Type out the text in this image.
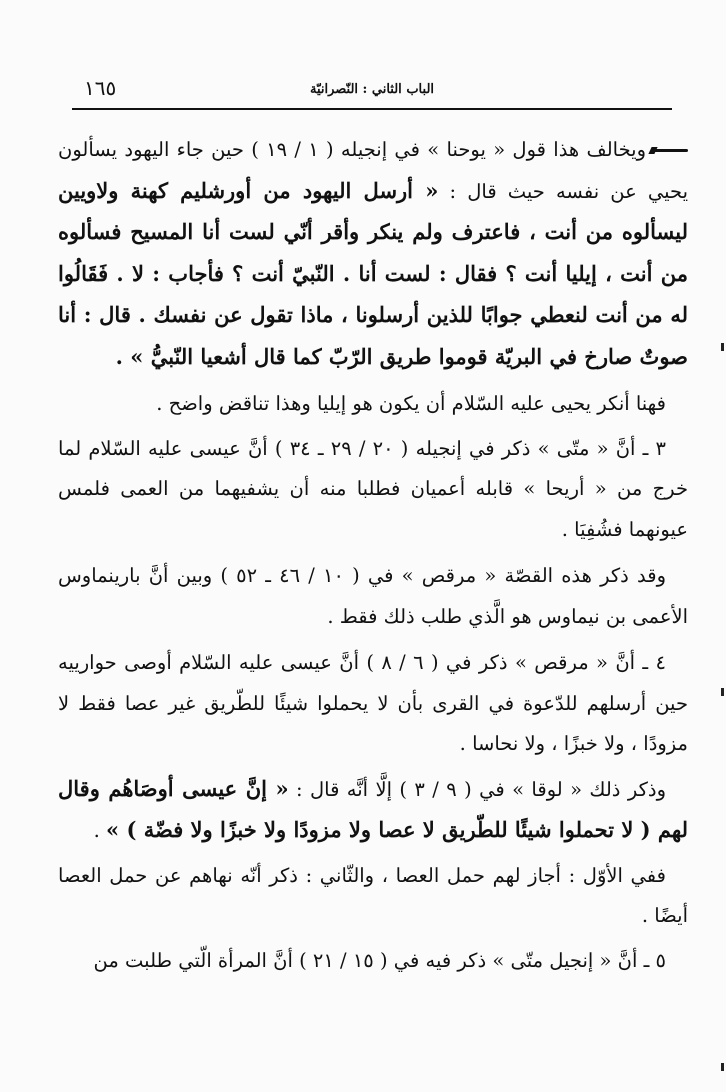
١٦٥	الباب الثاني : النّصرانيّة

ويخالف هذا قول « يوحنا » في إنجيله ( ١ / ١٩ ) حين جاء اليهود يسألون يحيي عن نفسه حيث قال : « أرسل اليهود من أورشليم كهنة ولاويين ليسألوه من أنت ، فاعترف ولم ينكر وأقر أنّي لست أنا المسيح فسألوه من أنت ، إيليا أنت ؟ فقال : لست أنا . النّبيّ أنت ؟ فأجاب : لا . فَقَالُوا له من أنت لنعطي جوابًا للذين أرسلونا ، ماذا تقول عن نفسك . قال : أنا صوتٌ صارخ في البريّة قوموا طريق الرّبّ كما قال أشعيا النّبيُّ » .

فهنا أنكر يحيى عليه السّلام أن يكون هو إيليا وهذا تناقض واضح .

٣ ـ أنَّ « متّى » ذكر في إنجيله ( ٢٠ / ٢٩ ـ ٣٤ ) أنَّ عيسى عليه السّلام لما خرج من « أريحا » قابله أعميان فطلبا منه أن يشفيهما من العمى فلمس عيونهما فشُفِيَا .

وقد ذكر هذه القصّة « مرقص » في ( ١٠ / ٤٦ ـ ٥٢ ) وبين أنَّ بارينماوس الأعمى بن نيماوس هو الَّذي طلب ذلك فقط .

٤ ـ أنَّ « مرقص » ذكر في ( ٦ / ٨ ) أنَّ عيسى عليه السّلام أوصى حوارييه حين أرسلهم للدّعوة في القرى بأن لا يحملوا شيئًا للطّريق غير عصا فقط لا مزودًا ، ولا خبزًا ، ولا نحاسا .

وذكر ذلك « لوقا » في ( ٩ / ٣ ) إلَّا أنَّه قال : « إنَّ عيسى أوصَاهُم وقال لهم ( لا تحملوا شيئًا للطّريق لا عصا ولا مزودًا ولا خبزًا ولا فضّة ) » .

ففي الأوّل : أجاز لهم حمل العصا ، والثّاني : ذكر أنّه نهاهم عن حمل العصا أيضًا .

٥ ـ أنَّ « إنجيل متّى » ذكر فيه في ( ١٥ / ٢١ ) أنَّ المرأة الّتي طلبت من
